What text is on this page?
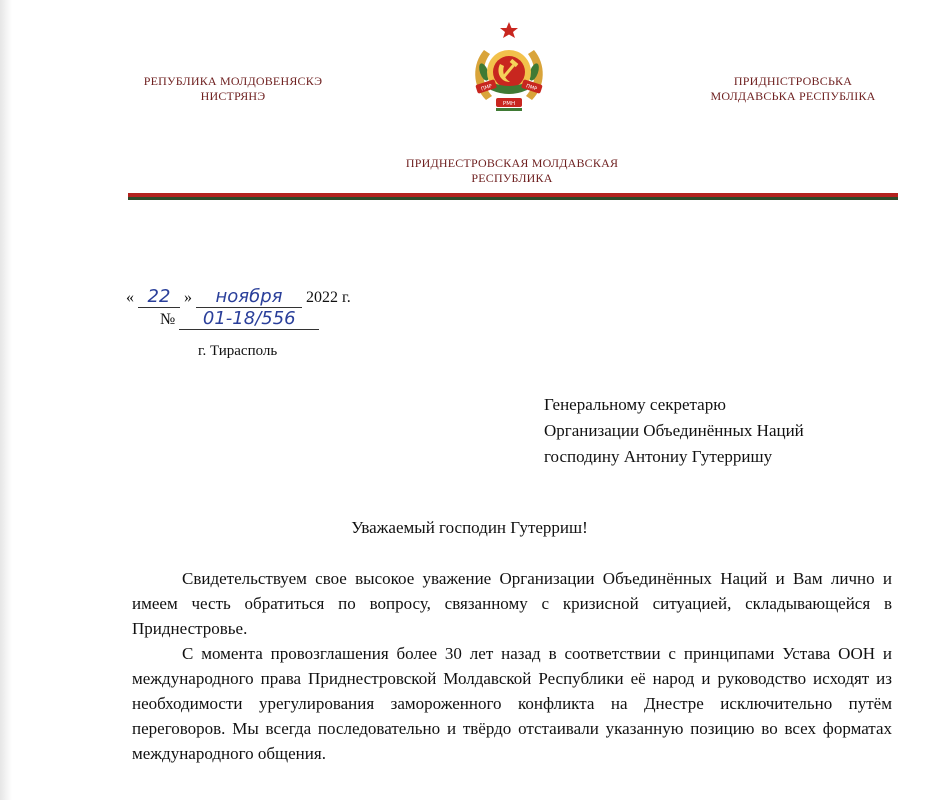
РЕПУБЛИКА МОЛДОВЕНЯСКЭ
НИСТРЯНЭ
ПМР	ПМР
РМН
ПРИДНІСТРОВСЬКА
МОЛДАВСЬКА РЕСПУБЛІКА
ПРИДНЕСТРОВСКАЯ МОЛДАВСКАЯ
РЕСПУБЛИКА
« 22 » ноября 2022 г.
№ 01-18/556
г. Тирасполь
Генеральному секретарю
Организации Объединённых Наций
господину Антониу Гутерришу
Уважаемый господин Гутерриш!

Свидетельствуем свое высокое уважение Организации Объединённых Наций и Вам лично и имеем честь обратиться по вопросу, связанному с кризисной ситуацией, складывающейся в Приднестровье.

С момента провозглашения более 30 лет назад в соответствии с принципами Устава ООН и международного права Приднестровской Молдавской Республики её народ и руководство исходят из необходимости урегулирования замороженного конфликта на Днестре исключительно путём переговоров. Мы всегда последовательно и твёрдо отстаивали указанную позицию во всех форматах международного общения.
